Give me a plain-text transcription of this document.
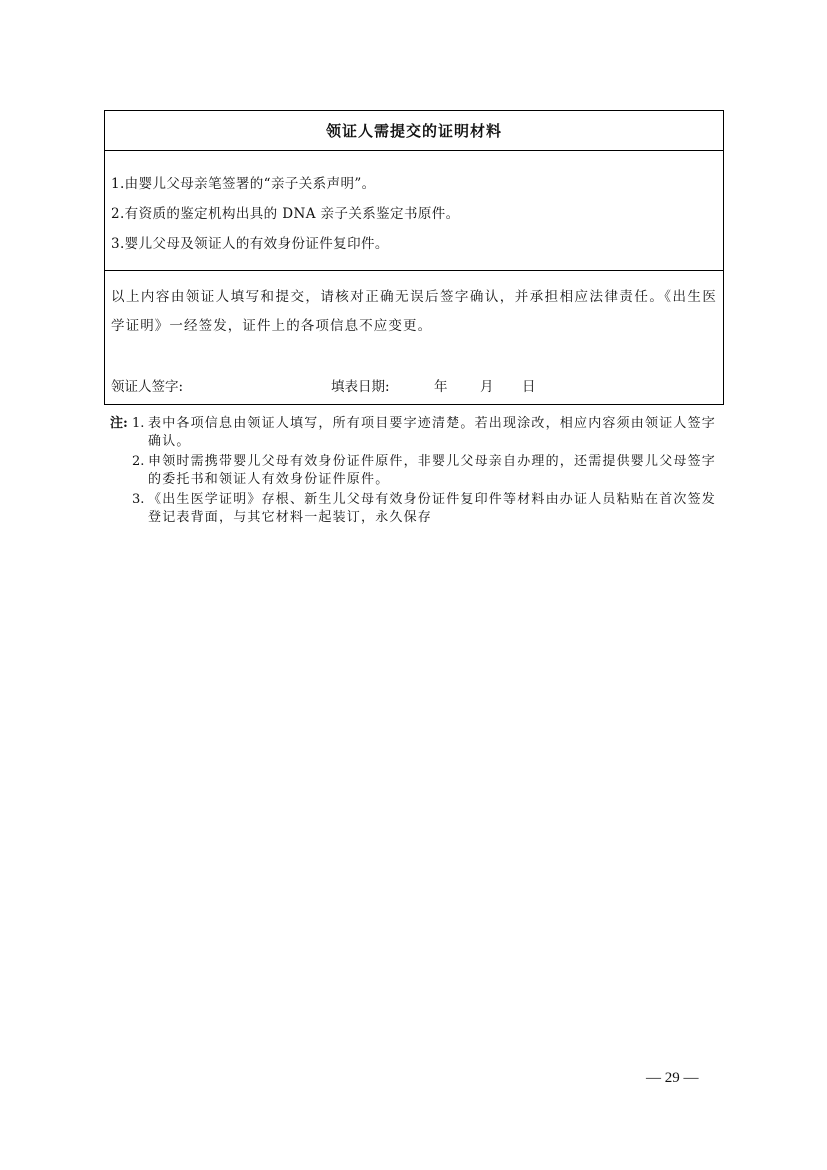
领证人需提交的证明材料
1.由婴儿父母亲笔签署的“亲子关系声明”。
2.有资质的鉴定机构出具的 DNA 亲子关系鉴定书原件。
3.婴儿父母及领证人的有效身份证件复印件。

以上内容由领证人填写和提交，请核对正确无误后签字确认，并承担相应法律责任。《出生医学证明》一经签发，证件上的各项信息不应变更。

领证人签字:	填表日期:	年 月 日
注: 1. 表中各项信息由领证人填写，所有项目要字迹清楚。若出现涂改，相应内容须由领证人签字确认。
2. 申领时需携带婴儿父母有效身份证件原件，非婴儿父母亲自办理的，还需提供婴儿父母签字的委托书和领证人有效身份证件原件。
3. 《出生医学证明》存根、新生儿父母有效身份证件复印件等材料由办证人员粘贴在首次签发登记表背面，与其它材料一起装订，永久保存
— 29 —
